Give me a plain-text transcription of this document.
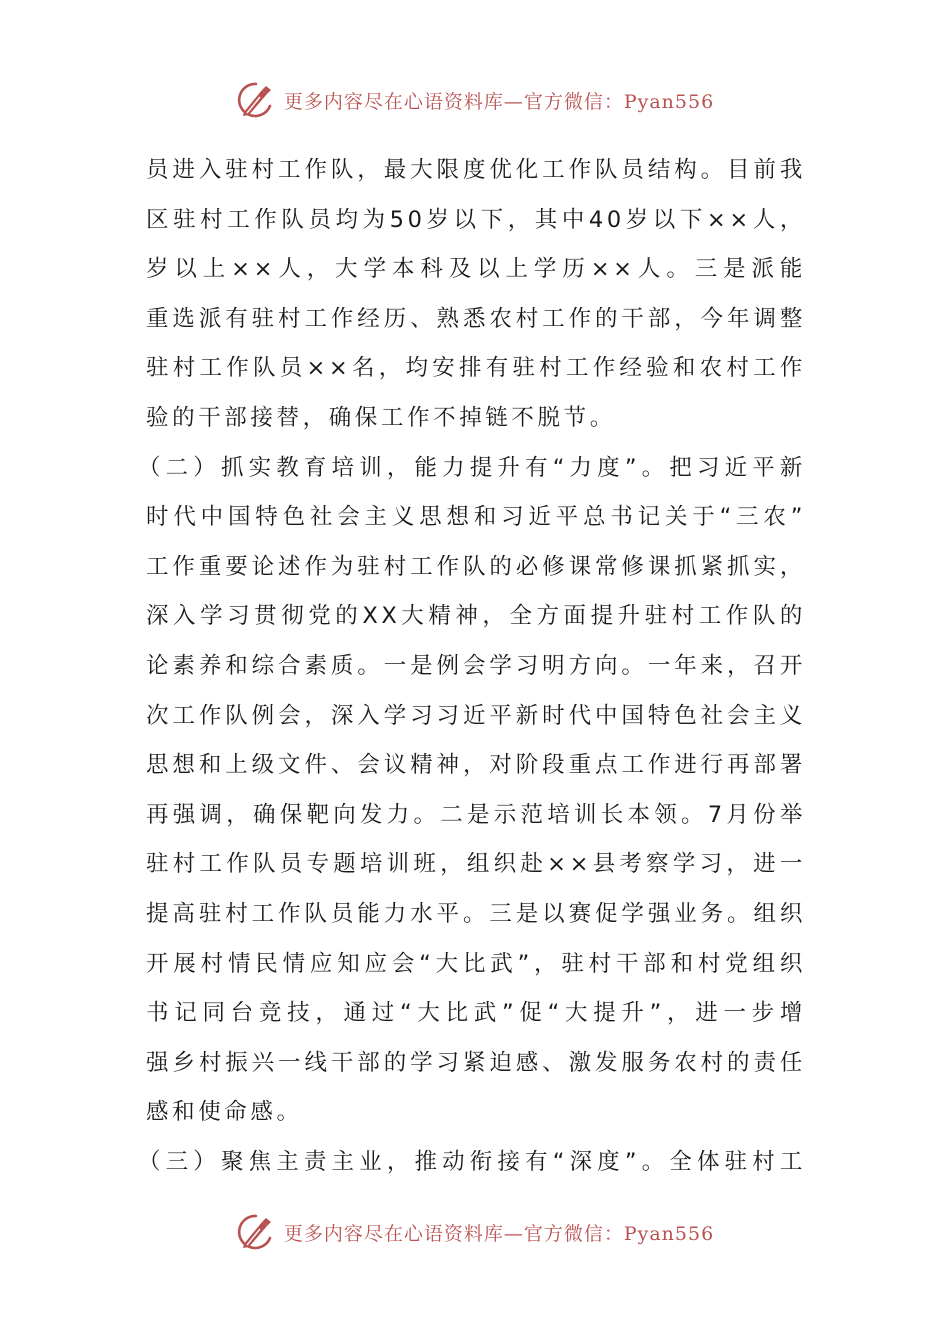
更多内容尽在心语资料库—官方微信：Pyan556
员进入驻村工作队，最大限度优化工作队员结构。目前我
区驻村工作队员均为50岁以下，其中40岁以下××人，
岁以上××人，大学本科及以上学历××人。三是派能
重选派有驻村工作经历、熟悉农村工作的干部，今年调整
驻村工作队员××名，均安排有驻村工作经验和农村工作
验的干部接替，确保工作不掉链不脱节。
（二）抓实教育培训，能力提升有“力度”。把习近平新
时代中国特色社会主义思想和习近平总书记关于“三农”
工作重要论述作为驻村工作队的必修课常修课抓紧抓实，
深入学习贯彻党的XX大精神，全方面提升驻村工作队的
论素养和综合素质。一是例会学习明方向。一年来，召开
次工作队例会，深入学习习近平新时代中国特色社会主义
思想和上级文件、会议精神，对阶段重点工作进行再部署
再强调，确保靶向发力。二是示范培训长本领。7月份举
驻村工作队员专题培训班，组织赴××县考察学习，进一
提高驻村工作队员能力水平。三是以赛促学强业务。组织
开展村情民情应知应会“大比武”，驻村干部和村党组织
书记同台竞技，通过“大比武”促“大提升”，进一步增
强乡村振兴一线干部的学习紧迫感、激发服务农村的责任
感和使命感。
（三）聚焦主责主业，推动衔接有“深度”。全体驻村工
更多内容尽在心语资料库—官方微信：Pyan556
